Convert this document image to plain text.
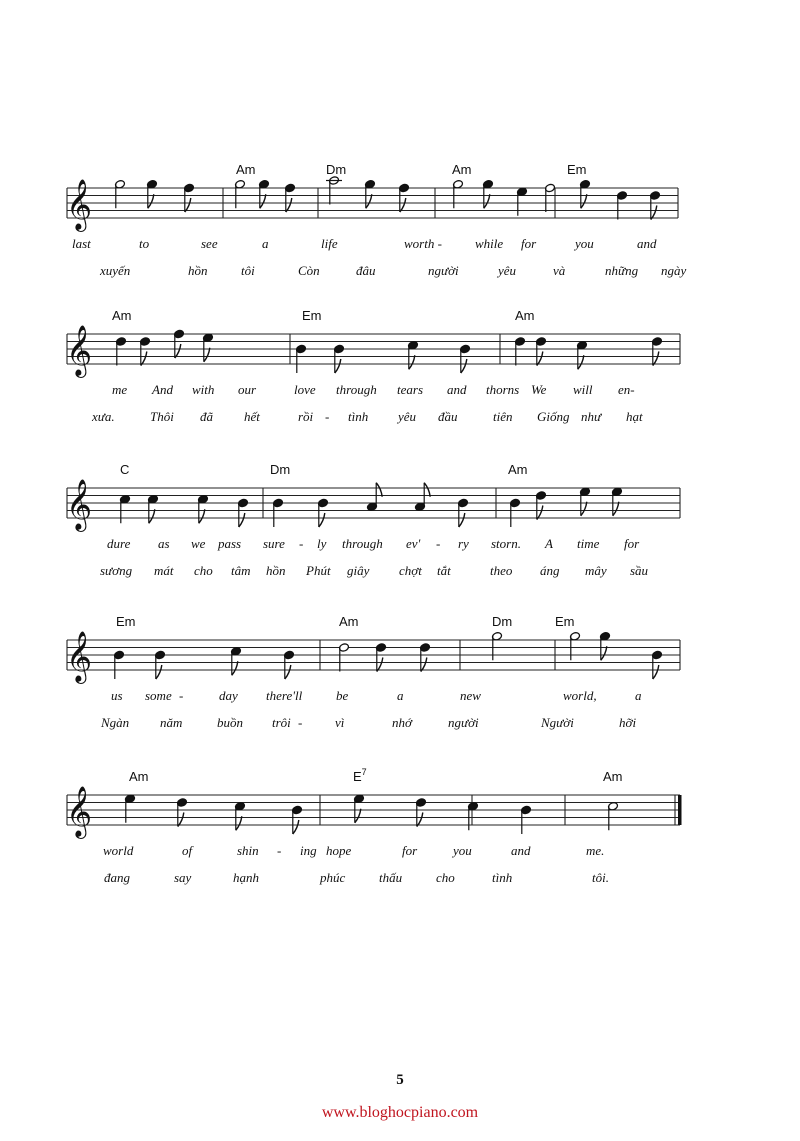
𝄞
Am	Dm	Am	Em
last	to	see	a	life	worth -	while for	you	and
xuyến	hồn	tôi	Còn	đâu	người	yêu	và	những ngày
𝄞
Am	Em	Am
me And with our	love through tears and thorns We will en-
xưa.	Thôi đã hết	rồi - tình yêu đầu	tiên Giống như hạt
𝄞
C	Dm	Am
dure as we pass sure - ly through ev' - ry storn. A time for
sương mát cho tâm hồn Phút giây chợt tắt	theo áng mây sầu
𝄞
Em	Am	Dm	Em
us some -	day there'll	be	a	new	world,	a
Ngàn năm	buồn trôi -	vì	nhớ	người	Người	hỡi
𝄞
Am	$E^7$	Am
world	of	shin - ing hope	for	you	and	me.
đang	say	hạnh	phúc	thấu	cho	tình	tôi.
5
www.bloghocpiano.com
